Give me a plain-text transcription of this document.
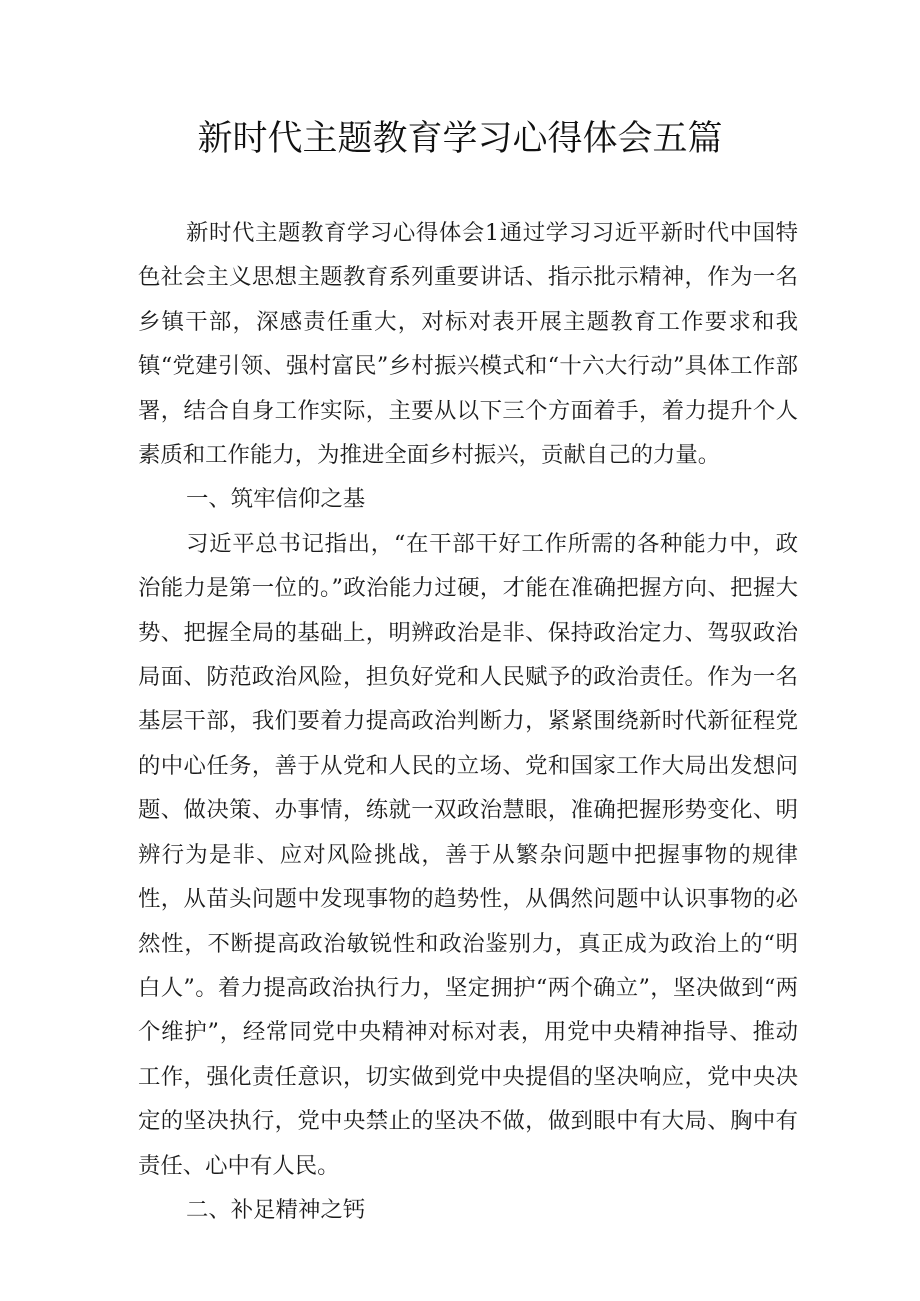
新时代主题教育学习心得体会五篇

新时代主题教育学习心得体会1通过学习习近平新时代中国特色社会主义思想主题教育系列重要讲话、指示批示精神，作为一名乡镇干部，深感责任重大，对标对表开展主题教育工作要求和我镇“党建引领、强村富民”乡村振兴模式和“十六大行动”具体工作部署，结合自身工作实际，主要从以下三个方面着手，着力提升个人素质和工作能力，为推进全面乡村振兴，贡献自己的力量。

一、筑牢信仰之基

习近平总书记指出，“在干部干好工作所需的各种能力中，政治能力是第一位的。”政治能力过硬，才能在准确把握方向、把握大势、把握全局的基础上，明辨政治是非、保持政治定力、驾驭政治局面、防范政治风险，担负好党和人民赋予的政治责任。作为一名基层干部，我们要着力提高政治判断力，紧紧围绕新时代新征程党的中心任务，善于从党和人民的立场、党和国家工作大局出发想问题、做决策、办事情，练就一双政治慧眼，准确把握形势变化、明辨行为是非、应对风险挑战，善于从繁杂问题中把握事物的规律性，从苗头问题中发现事物的趋势性，从偶然问题中认识事物的必然性，不断提高政治敏锐性和政治鉴别力，真正成为政治上的“明白人”。着力提高政治执行力，坚定拥护“两个确立”，坚决做到“两个维护”，经常同党中央精神对标对表，用党中央精神指导、推动工作，强化责任意识，切实做到党中央提倡的坚决响应，党中央决定的坚决执行，党中央禁止的坚决不做，做到眼中有大局、胸中有责任、心中有人民。

二、补足精神之钙
